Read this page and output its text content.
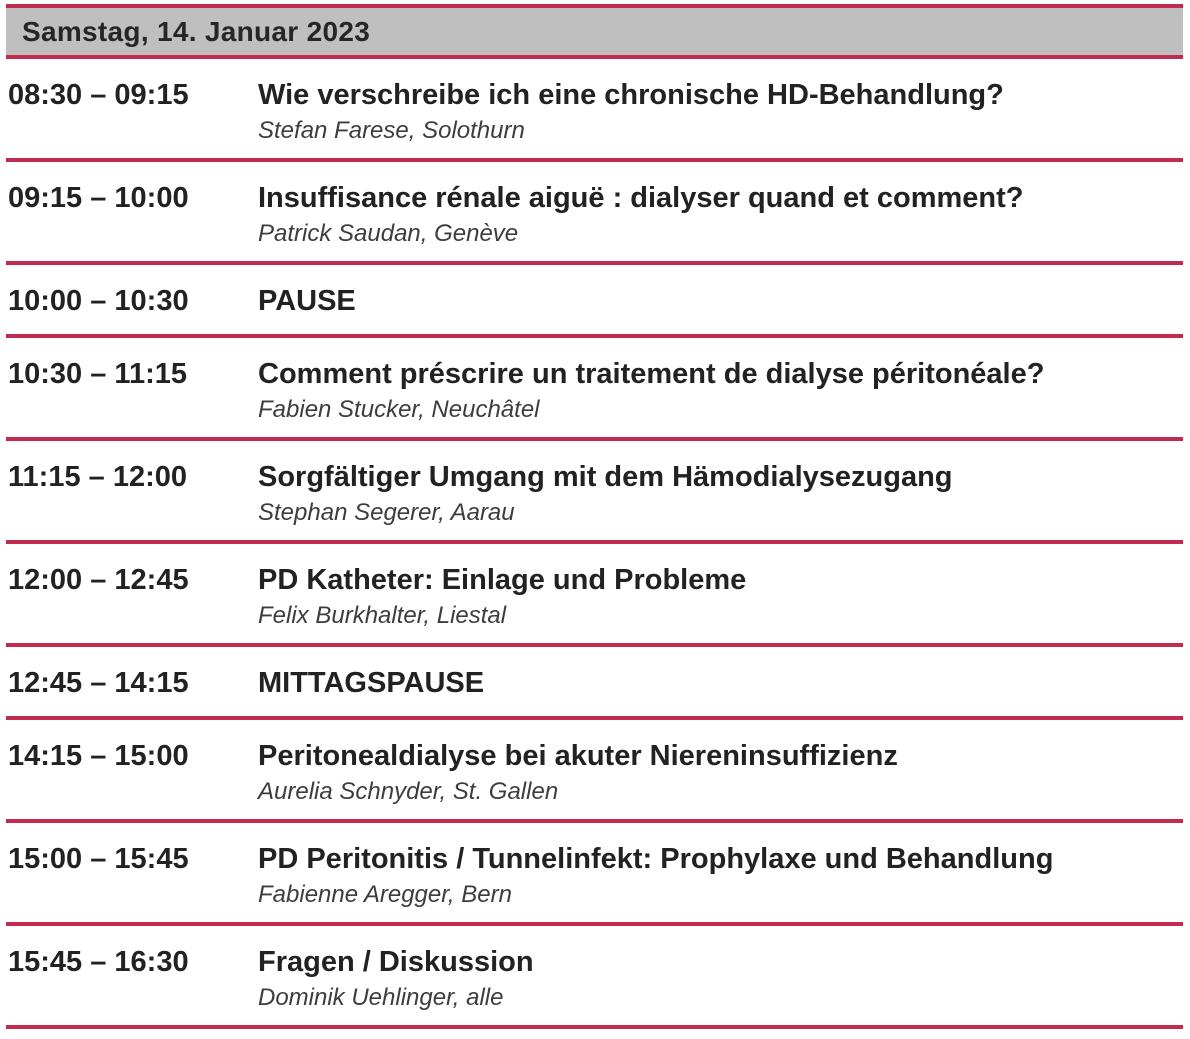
Samstag, 14. Januar 2023
08:30 – 09:15	Wie verschreibe ich eine chronische HD-Behandlung?
Stefan Farese, Solothurn
09:15 – 10:00	Insuffisance rénale aiguë : dialyser quand et comment?
Patrick Saudan, Genève
10:00 – 10:30	PAUSE
10:30 – 11:15	Comment préscrire un traitement de dialyse péritonéale?
Fabien Stucker, Neuchâtel
11:15 – 12:00	Sorgfältiger Umgang mit dem Hämodialysezugang
Stephan Segerer, Aarau
12:00 – 12:45	PD Katheter: Einlage und Probleme
Felix Burkhalter, Liestal
12:45 – 14:15	MITTAGSPAUSE
14:15 – 15:00	Peritonealdialyse bei akuter Niereninsuffizienz
Aurelia Schnyder, St. Gallen
15:00 – 15:45	PD Peritonitis / Tunnelinfekt: Prophylaxe und Behandlung
Fabienne Aregger, Bern
15:45 – 16:30	Fragen / Diskussion
Dominik Uehlinger, alle
